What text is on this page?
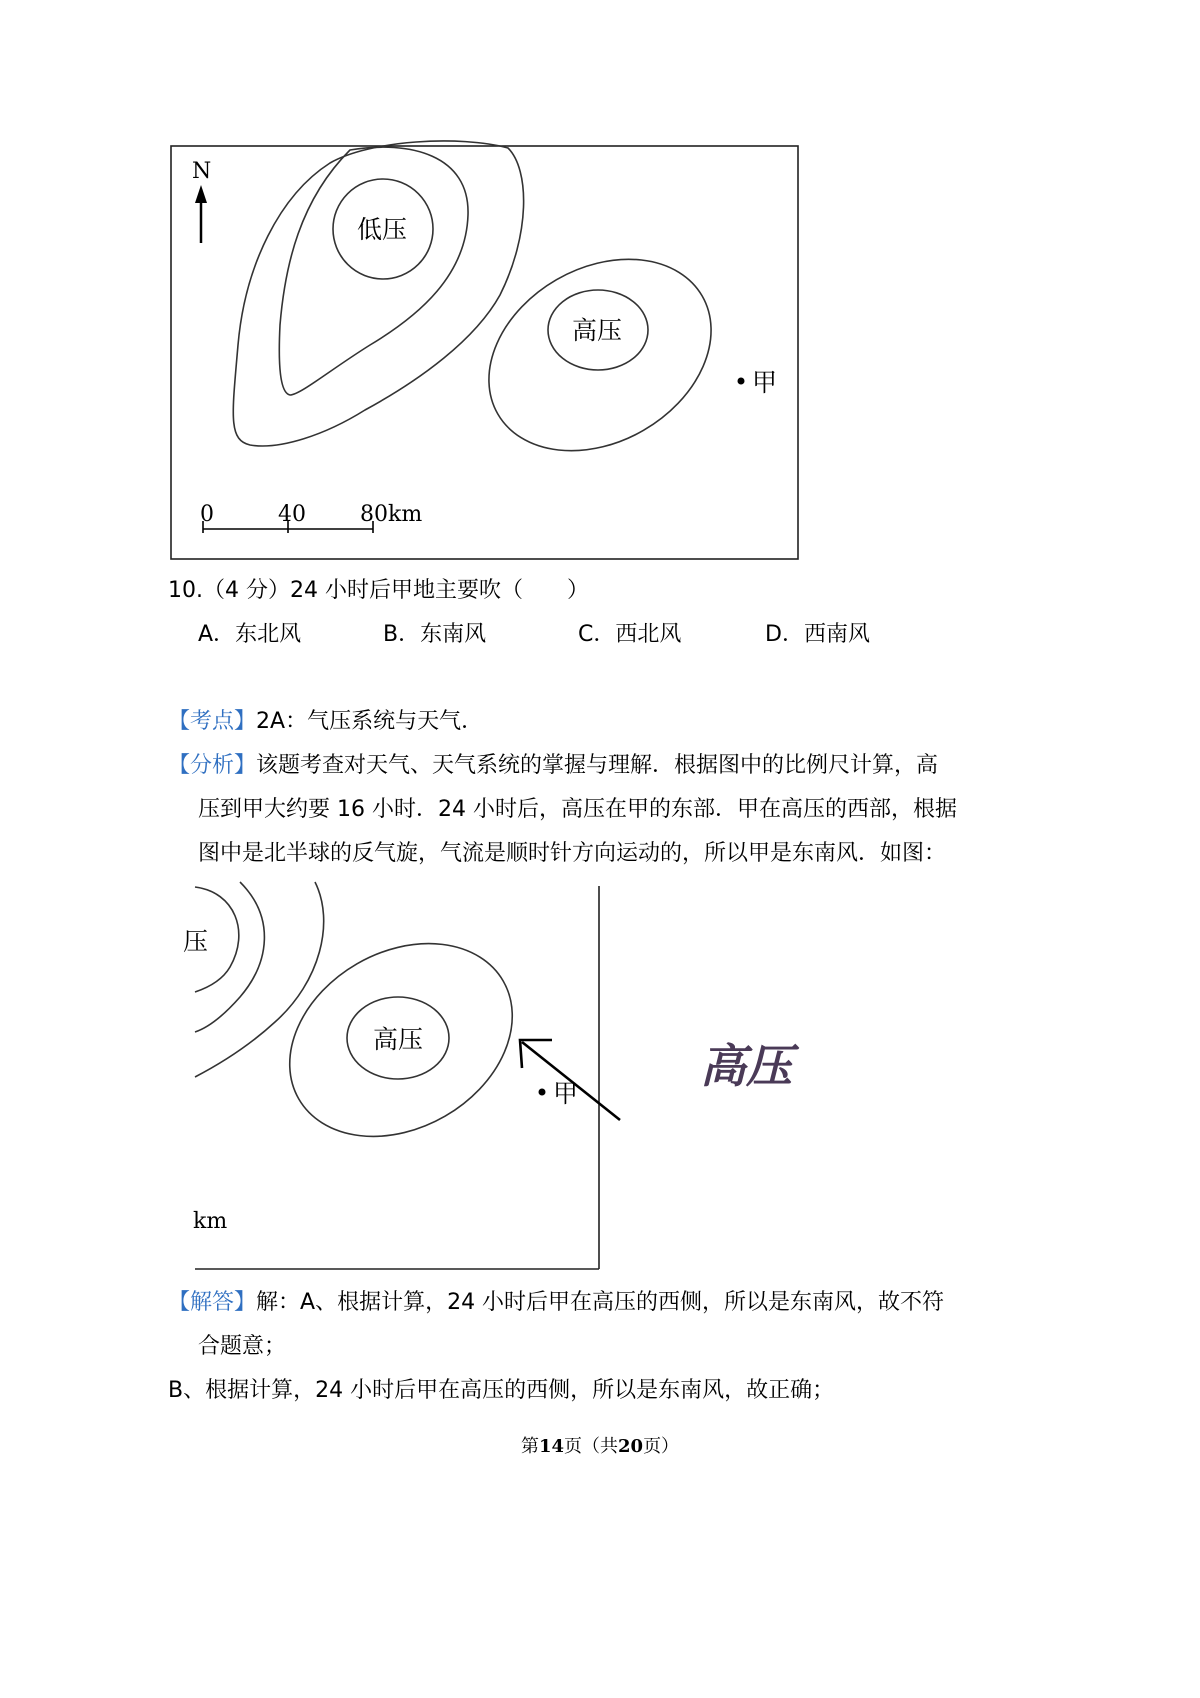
N
低压
高压
甲
0	40 80km
10.（4 分）24 小时后甲地主要吹（　　）
A．东北风	B．东南风	C．西北风	D．西南风
【考点】2A：气压系统与天气．
【分析】该题考查对天气、天气系统的掌握与理解．根据图中的比例尺计算，高
压到甲大约要 16 小时．24 小时后，高压在甲的东部．甲在高压的西部，根据
图中是北半球的反气旋，气流是顺时针方向运动的，所以甲是东南风．如图：
压
高压
甲
km
高压
【解答】解：A、根据计算，24 小时后甲在高压的西侧，所以是东南风，故不符
合题意；
B、根据计算，24 小时后甲在高压的西侧，所以是东南风，故正确；
第14页（共20页）
